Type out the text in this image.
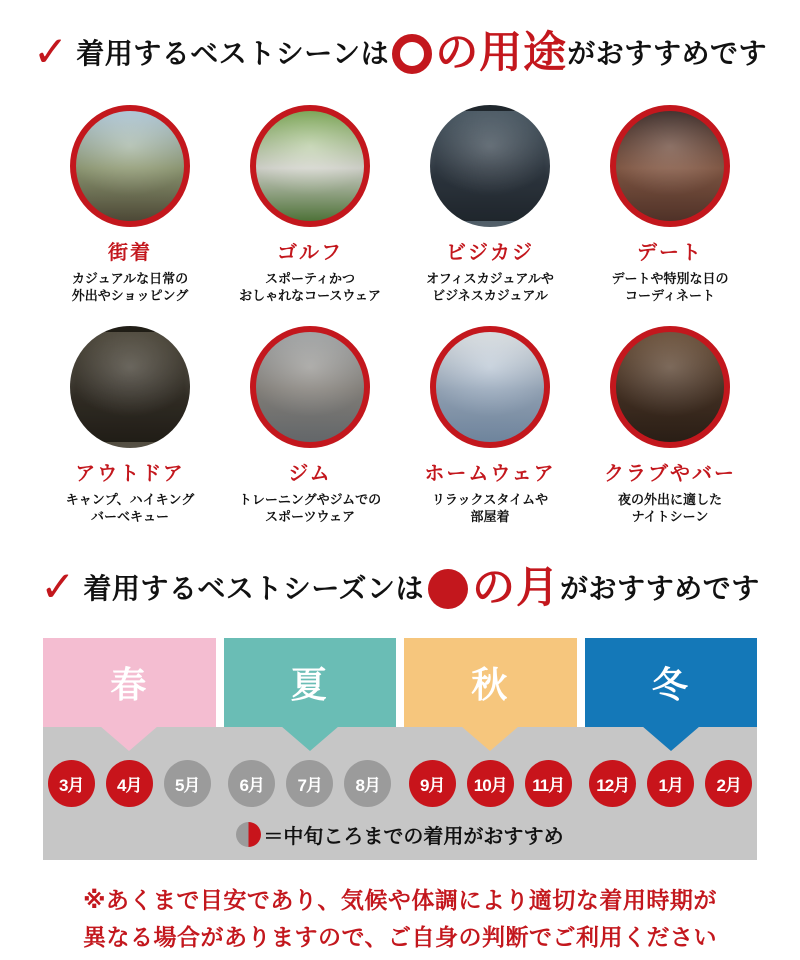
✓ 着用するベストシーンは の用途 がおすすめです
街着
カジュアルな日常の
外出やショッピング
ゴルフ
スポーティかつ
おしゃれなコースウェア
ビジカジ
オフィスカジュアルや
ビジネスカジュアル
デート
デートや特別な日の
コーディネート
アウトドア
キャンプ、ハイキング
バーベキュー
ジム
トレーニングやジムでの
スポーツウェア
ホームウェア
リラックスタイムや
部屋着
クラブやバー
夜の外出に適した
ナイトシーン
✓ 着用するベストシーズンは の月 がおすすめです
春	夏	秋	冬
3月	4月	5月	6月	7月	8月	9月	10月	11月	12月	1月	2月
＝中旬ころまでの着用がおすすめ
※あくまで目安であり、気候や体調により適切な着用時期が
異なる場合がありますので、ご自身の判断でご利用ください
